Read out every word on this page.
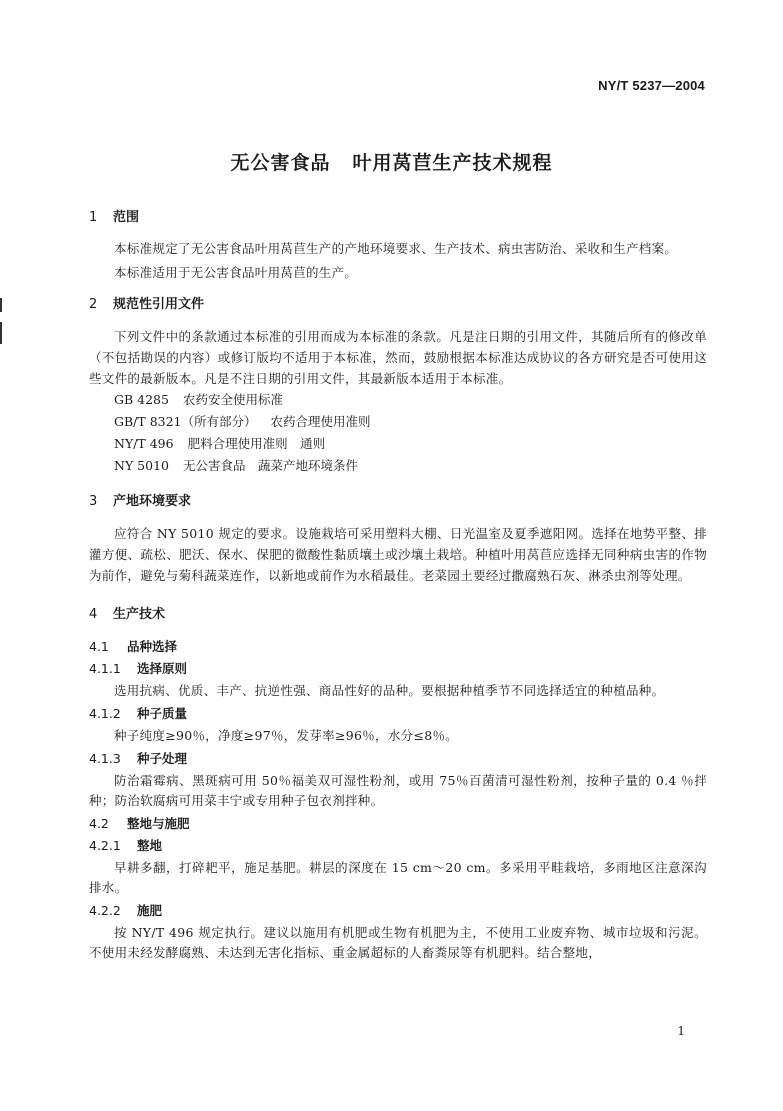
NY/T 5237—2004
无公害食品 叶用莴苣生产技术规程
1 范围

本标准规定了无公害食品叶用莴苣生产的产地环境要求、生产技术、病虫害防治、采收和生产档案。

本标准适用于无公害食品叶用莴苣的生产。

2 规范性引用文件

下列文件中的条款通过本标准的引用而成为本标准的条款。凡是注日期的引用文件，其随后所有的修改单（不包括勘误的内容）或修订版均不适用于本标准，然而，鼓励根据本标准达成协议的各方研究是否可使用这些文件的最新版本。凡是不注日期的引用文件，其最新版本适用于本标准。

GB 4285 农药安全使用标准
GB/T 8321（所有部分） 农药合理使用准则
NY/T 496 肥料合理使用准则　通则
NY 5010 无公害食品　蔬菜产地环境条件
3 产地环境要求

应符合 NY 5010 规定的要求。设施栽培可采用塑料大棚、日光温室及夏季遮阳网。选择在地势平整、排灌方便、疏松、肥沃、保水、保肥的微酸性黏质壤土或沙壤土栽培。种植叶用莴苣应选择无同种病虫害的作物为前作，避免与菊科蔬菜连作，以新地或前作为水稻最佳。老菜园土要经过撒腐熟石灰、淋杀虫剂等处理。

4 生产技术
4.1 品种选择
4.1.1 选择原则

选用抗病、优质、丰产、抗逆性强、商品性好的品种。要根据种植季节不同选择适宜的种植品种。

4.1.2 种子质量

种子纯度≥90％，净度≥97％，发芽率≥96％，水分≤8％。

4.1.3 种子处理

防治霜霉病、黑斑病可用 50％福美双可湿性粉剂，或用 75％百菌清可湿性粉剂，按种子量的 0.4 ％拌种；防治软腐病可用菜丰宁或专用种子包衣剂拌种。

4.2 整地与施肥
4.2.1 整地

早耕多翻，打碎耙平，施足基肥。耕层的深度在 15 cm～20 cm。多采用平畦栽培，多雨地区注意深沟排水。

4.2.2 施肥

按 NY/T 496 规定执行。建议以施用有机肥或生物有机肥为主，不使用工业废弃物、城市垃圾和污泥。不使用未经发酵腐熟、未达到无害化指标、重金属超标的人畜粪尿等有机肥料。结合整地，

1
